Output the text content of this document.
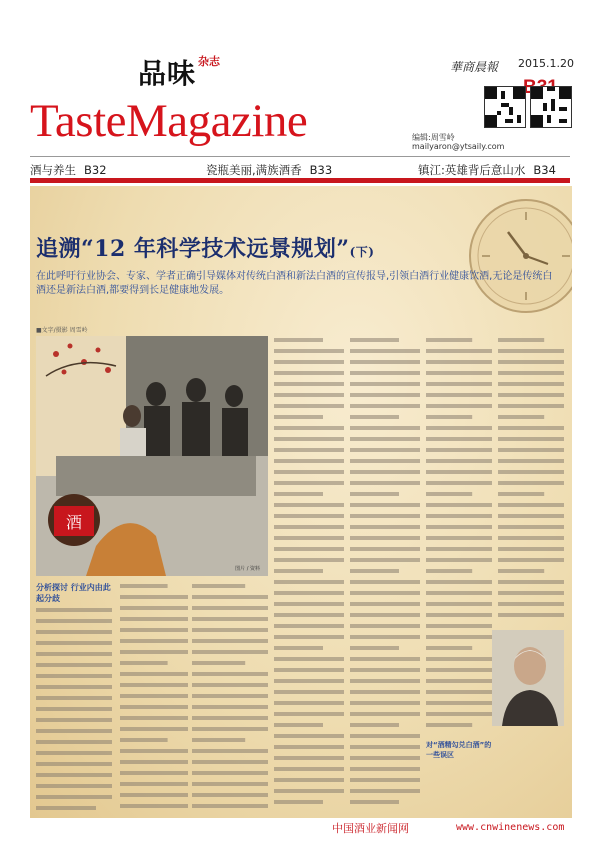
品味 杂志
TasteMagazine
華商晨報 2015.1.20
编辑:周雪岭
mailyaron@ytsaily.com
酒与养生 B32	瓷瓶美丽,满族酒香 B33	镇江:英雄背后意山水 B34
追溯“12 年科学技术远景规划”(下)
在此呼吁行业协会、专家、学者正确引导媒体对传统白酒和新法白酒的宣传报导,引领白酒行业健康饮酒,无论是传统白酒还是新法白酒,都要得到长足健康地发展。
■文字/摄影 周雪岭
酒
图片 / 资料
分析探讨 行业内由此起分歧
对“酒精勾兑白酒”的一些误区
中国酒业新闻网	www.cnwinenews.com
